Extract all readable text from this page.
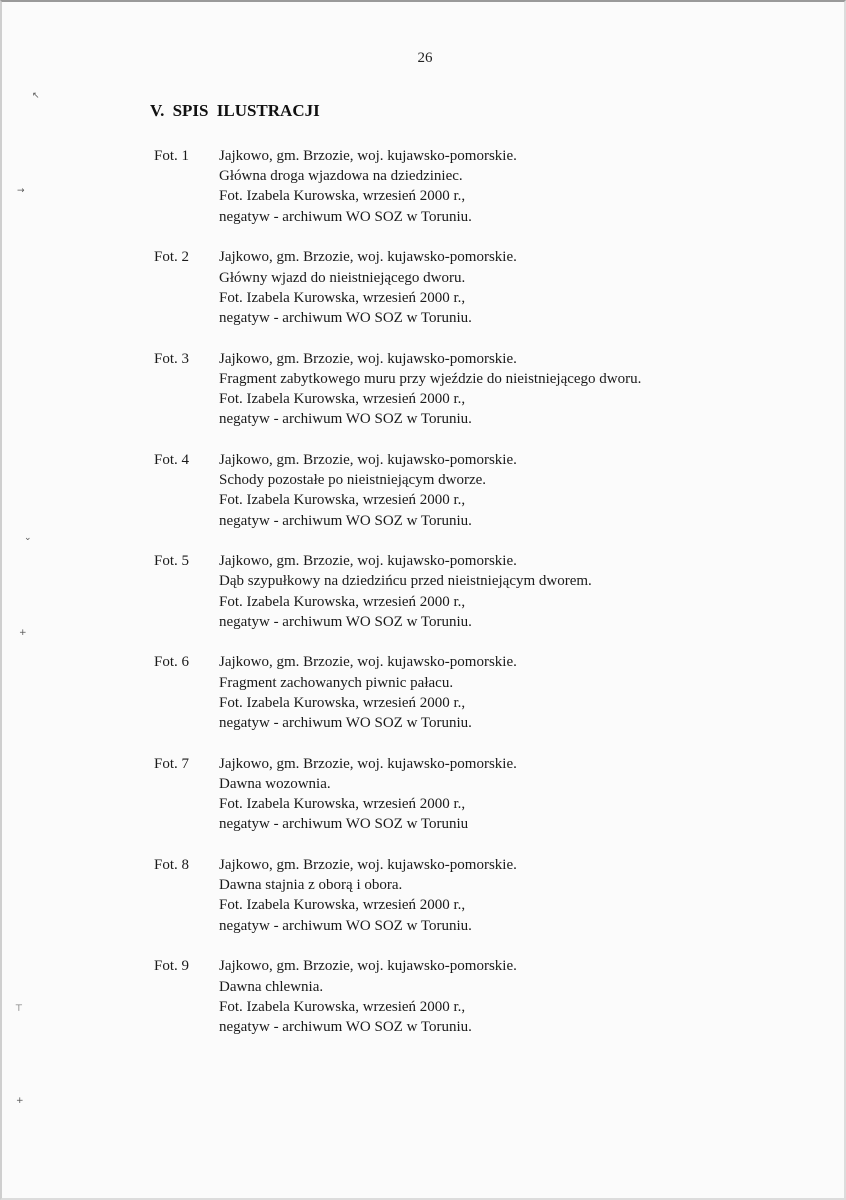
26
V. SPIS ILUSTRACJI
Fot. 1	Jajkowo, gm. Brzozie, woj. kujawsko-pomorskie.
Główna droga wjazdowa na dziedziniec.
Fot. Izabela Kurowska, wrzesień 2000 r.,
negatyw - archiwum WO SOZ w Toruniu.
Fot. 2	Jajkowo, gm. Brzozie, woj. kujawsko-pomorskie.
Główny wjazd do nieistniejącego dworu.
Fot. Izabela Kurowska, wrzesień 2000 r.,
negatyw - archiwum WO SOZ w Toruniu.
Fot. 3	Jajkowo, gm. Brzozie, woj. kujawsko-pomorskie.
Fragment zabytkowego muru przy wjeździe do nieistniejącego dworu.
Fot. Izabela Kurowska, wrzesień 2000 r.,
negatyw - archiwum WO SOZ w Toruniu.
Fot. 4	Jajkowo, gm. Brzozie, woj. kujawsko-pomorskie.
Schody pozostałe po nieistniejącym dworze.
Fot. Izabela Kurowska, wrzesień 2000 r.,
negatyw - archiwum WO SOZ w Toruniu.
Fot. 5	Jajkowo, gm. Brzozie, woj. kujawsko-pomorskie.
Dąb szypułkowy na dziedzińcu przed nieistniejącym dworem.
Fot. Izabela Kurowska, wrzesień 2000 r.,
negatyw - archiwum WO SOZ w Toruniu.
Fot. 6	Jajkowo, gm. Brzozie, woj. kujawsko-pomorskie.
Fragment zachowanych piwnic pałacu.
Fot. Izabela Kurowska, wrzesień 2000 r.,
negatyw - archiwum WO SOZ w Toruniu.
Fot. 7	Jajkowo, gm. Brzozie, woj. kujawsko-pomorskie.
Dawna wozownia.
Fot. Izabela Kurowska, wrzesień 2000 r.,
negatyw - archiwum WO SOZ w Toruniu
Fot. 8	Jajkowo, gm. Brzozie, woj. kujawsko-pomorskie.
Dawna stajnia z oborą i obora.
Fot. Izabela Kurowska, wrzesień 2000 r.,
negatyw - archiwum WO SOZ w Toruniu.
Fot. 9	Jajkowo, gm. Brzozie, woj. kujawsko-pomorskie.
Dawna chlewnia.
Fot. Izabela Kurowska, wrzesień 2000 r.,
negatyw - archiwum WO SOZ w Toruniu.
↖
→
⌄
+
⊤
+
